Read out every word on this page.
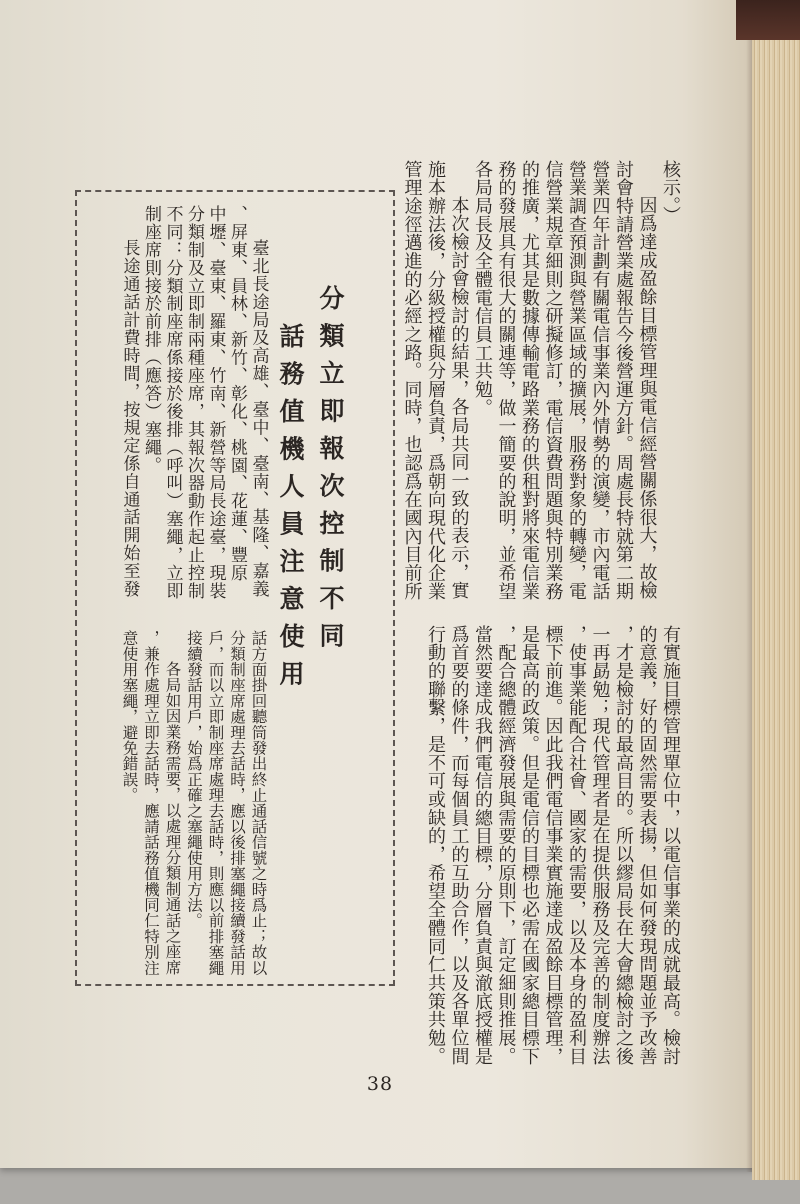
核示。）
因爲達成盈餘目標管理與電信經營關係很大，故檢
討會特請營業處報告今後營運方針。周處長特就第二期
營業四年計劃有關電信事業內外情勢的演變，市內電話
營業調查預測與營業區域的擴展，服務對象的轉變，電
信營業規章細則之研擬修訂，電信資費問題與特別業務
的推廣，尤其是數據傳輸電路業務的供租對將來電信業
務的發展具有很大的關連等，做一簡要的說明，並希望
各局局長及全體電信員工共勉。
本次檢討會檢討的結果，各局共同一致的表示，實
施本辦法後，分級授權與分層負責，爲朝向現代化企業
管理途徑邁進的必經之路。同時，也認爲在國內目前所
有實施目標管理單位中，以電信事業的成就最高。檢討
的意義，好的固然需要表揚，但如何發現問題並予改善
，才是檢討的最高目的。所以繆局長在大會總檢討之後
一再勗勉；現代管理者是在提供服務及完善的制度辦法
，使事業能配合社會、國家的需要，以及本身的盈利目
標下前進。因此我們電信事業實施達成盈餘目標管理，
是最高的政策。但是電信的目標也必需在國家總目標下
，配合總體經濟發展與需要的原則下，訂定細則推展。
當然要達成我們電信的總目標，分層負責與澈底授權是
爲首要的條件，而每個員工的互助合作，以及各單位間
行動的聯繫，是不可或缺的，希望全體同仁共策共勉。
分類立即報次控制不同
話務值機人員注意使用
臺北長途局及高雄、臺中、臺南、基隆、嘉義
、屏東、員林、新竹、彰化、桃園、花蓮、豐原
中壢、臺東、羅東、竹南、新營等局長途臺，現裝
分類制及立即制兩種座席，其報次器動作起止控制
不同：分類制座席係接於後排（呼叫）塞繩，立即
制座席則接於前排（應答）塞繩。
長途通話計費時間，按規定係自通話開始至發
話方面掛回聽筒發出終止通話信號之時爲止；故以
分類制座席處理去話時，應以後排塞繩接續發話用
戶，而以立即制座席處理去話時，則應以前排塞繩
接續發話用戶，始爲正確之塞繩使用方法。
各局如因業務需要，以處理分類制通話之座席
，兼作處理立即去話時，應請話務值機同仁特別注
意使用塞繩，避免錯誤。
38
